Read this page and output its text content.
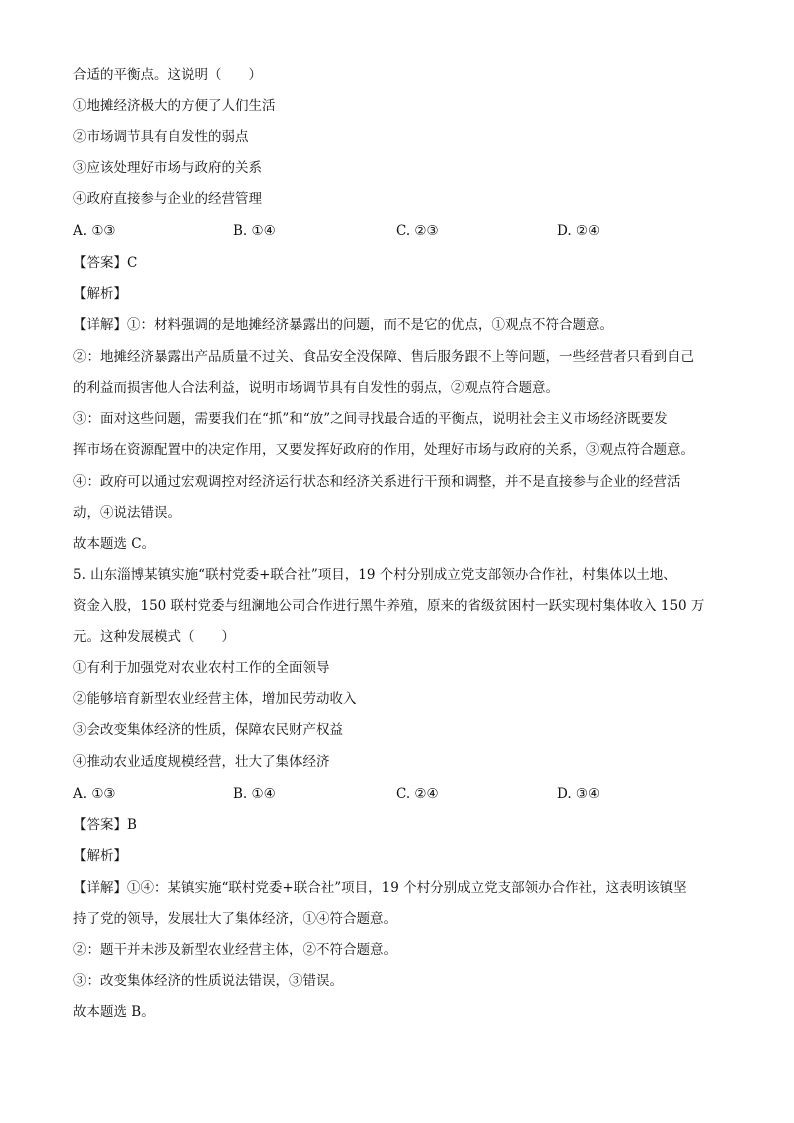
合适的平衡点。这说明（　　）
①地摊经济极大的方便了人们生活
②市场调节具有自发性的弱点
③应该处理好市场与政府的关系
④政府直接参与企业的经营管理
A. ①③	B. ①④	C. ②③	D. ②④
【答案】C
【解析】
【详解】①：材料强调的是地摊经济暴露出的问题，而不是它的优点，①观点不符合题意。
②：地摊经济暴露出产品质量不过关、食品安全没保障、售后服务跟不上等问题，一些经营者只看到自己
的利益而损害他人合法利益，说明市场调节具有自发性的弱点，②观点符合题意。
③：面对这些问题，需要我们在“抓”和“放”之间寻找最合适的平衡点，说明社会主义市场经济既要发
挥市场在资源配置中的决定作用，又要发挥好政府的作用，处理好市场与政府的关系，③观点符合题意。
④：政府可以通过宏观调控对经济运行状态和经济关系进行干预和调整，并不是直接参与企业的经营活
动，④说法错误。
故本题选 C。
5. 山东淄博某镇实施“联村党委+联合社”项目，19 个村分别成立党支部领办合作社，村集体以土地、
资金入股，150 联村党委与纽澜地公司合作进行黑牛养殖，原来的省级贫困村一跃实现村集体收入 150 万
元。这种发展模式（　　）
①有利于加强党对农业农村工作的全面领导
②能够培育新型农业经营主体，增加民劳动收入
③会改变集体经济的性质，保障农民财产权益
④推动农业适度规模经营，壮大了集体经济
A. ①③	B. ①④	C. ②④	D. ③④
【答案】B
【解析】
【详解】①④：某镇实施“联村党委+联合社”项目，19 个村分别成立党支部领办合作社，这表明该镇坚
持了党的领导，发展壮大了集体经济，①④符合题意。
②：题干并未涉及新型农业经营主体，②不符合题意。
③：改变集体经济的性质说法错误，③错误。
故本题选 B。
